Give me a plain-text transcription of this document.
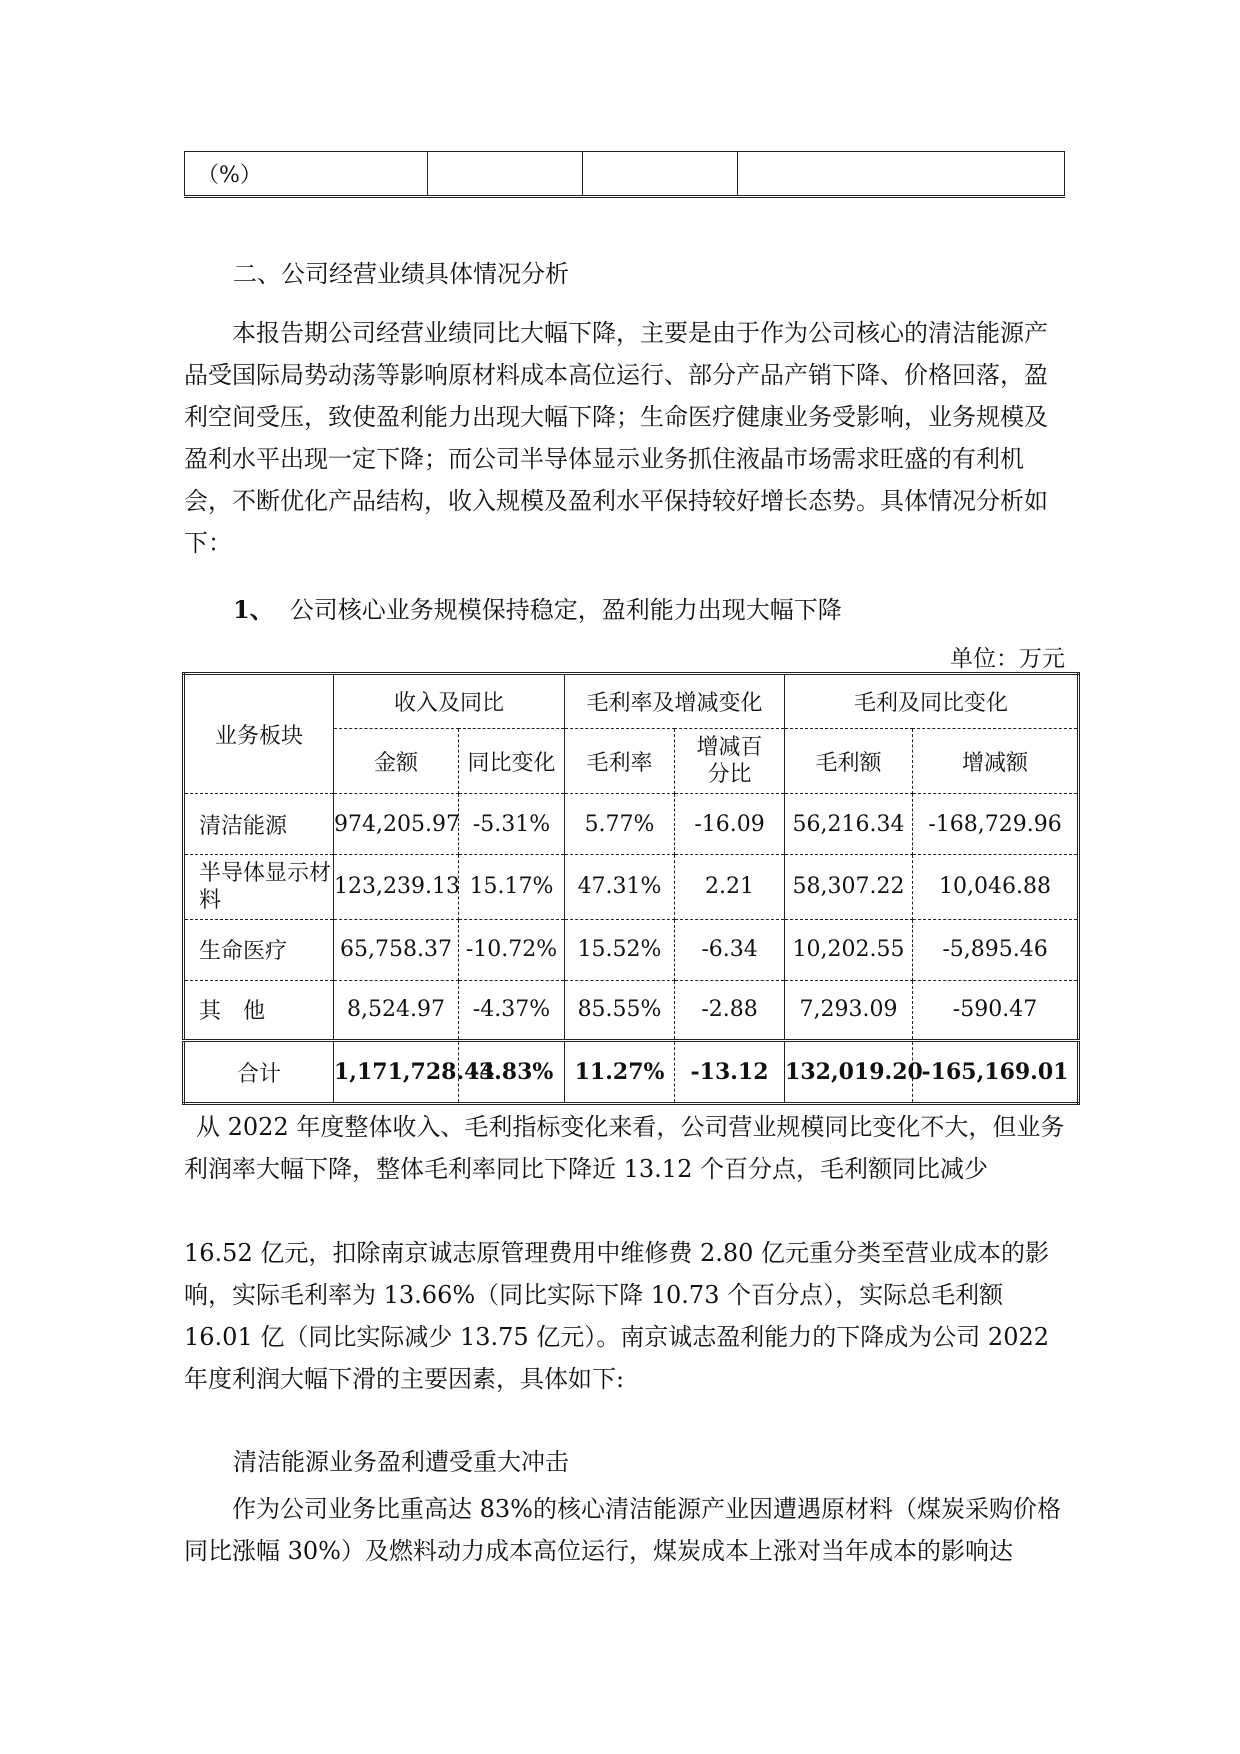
（%）			
二、公司经营业绩具体情况分析
本报告期公司经营业绩同比大幅下降，主要是由于作为公司核心的清洁能源产品受国际局势动荡等影响原材料成本高位运行、部分产品产销下降、价格回落，盈利空间受压，致使盈利能力出现大幅下降；生命医疗健康业务受影响，业务规模及盈利水平出现一定下降；而公司半导体显示业务抓住液晶市场需求旺盛的有利机会，不断优化产品结构，收入规模及盈利水平保持较好增长态势。具体情况分析如下：
1、 公司核心业务规模保持稳定，盈利能力出现大幅下降
单位：万元
业务板块	收入及同比		毛利率及增减变化		毛利及同比变化	
	金额	同比变化	毛利率	增减百分比	毛利额	增减额
清洁能源	974,205.97	-5.31%	5.77%	-16.09	56,216.34	-168,729.96
半导体显示材料	123,239.13	15.17%	47.31%	2.21	58,307.22	10,046.88
生命医疗	65,758.37	-10.72%	15.52%	-6.34	10,202.55	-5,895.46
其　他	8,524.97	-4.37%	85.55%	-2.88	7,293.09	-590.47
合计	1,171,728.44	-3.83%	11.27%	-13.12	132,019.20	-165,169.01
从 2022 年度整体收入、毛利指标变化来看，公司营业规模同比变化不大，但业务利润率大幅下降，整体毛利率同比下降近 13.12 个百分点，毛利额同比减少
16.52 亿元，扣除南京诚志原管理费用中维修费 2.80 亿元重分类至营业成本的影响，实际毛利率为 13.66%（同比实际下降 10.73 个百分点），实际总毛利额16.01 亿（同比实际减少 13.75 亿元）。南京诚志盈利能力的下降成为公司 2022 年度利润大幅下滑的主要因素，具体如下:
清洁能源业务盈利遭受重大冲击
作为公司业务比重高达 83%的核心清洁能源产业因遭遇原材料（煤炭采购价格同比涨幅 30%）及燃料动力成本高位运行，煤炭成本上涨对当年成本的影响达
